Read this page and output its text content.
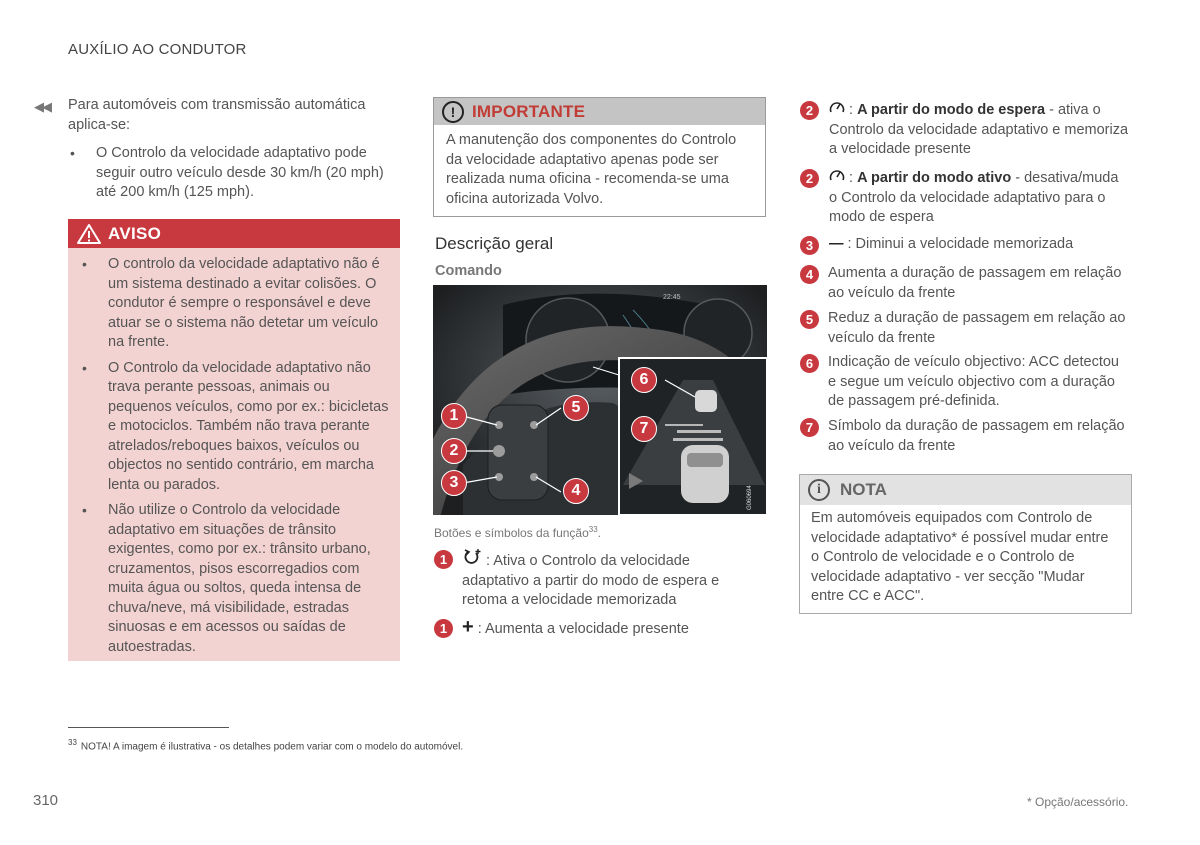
AUXÍLIO AO CONDUTOR
◀◀ Para automóveis com transmissão automática aplica-se:
• O Controlo da velocidade adaptativo pode seguir outro veículo desde 30 km/h (20 mph) até 200 km/h (125 mph).
AVISO
• O controlo da velocidade adaptativo não é um sistema destinado a evitar colisões. O condutor é sempre o responsável e deve atuar se o sistema não detetar um veículo na frente.
• O Controlo da velocidade adaptativo não trava perante pessoas, animais ou pequenos veículos, como por ex.: bicicletas e motociclos. Também não trava perante atrelados/reboques baixos, veículos ou objectos no sentido contrário, em marcha lenta ou parados.
• Não utilize o Controlo da velocidade adaptativo em situações de trânsito exigentes, como por ex.: trânsito urbano, cruzamentos, pisos escorregadios com muita água ou soltos, queda intensa de chuva/neve, má visibilidade, estradas sinuosas e em acessos ou saídas de autoestradas.
! IMPORTANTE
A manutenção dos componentes do Controlo da velocidade adaptativo apenas pode ser realizada numa oficina - recomenda-se uma oficina autorizada Volvo.
Descrição geral
Comando
76
22:45
G060694
1
2
3	4
5
6
7
Botões e símbolos da função$^{33}$.
1	: Ativa o Controlo da velocidade adaptativo a partir do modo de espera e retoma a velocidade memorizada
1 + : Aumenta a velocidade presente
2	: A partir do modo de espera - ativa o Controlo da velocidade adaptativo e memoriza a velocidade presente
2	: A partir do modo ativo - desativa/muda o Controlo da velocidade adaptativo para o modo de espera
3	— : Diminui a velocidade memorizada
4	Aumenta a duração de passagem em relação ao veículo da frente
5	Reduz a duração de passagem em relação ao veículo da frente
6	Indicação de veículo objectivo: ACC detectou e segue um veículo objectivo com a duração de passagem pré-definida.
7	Símbolo da duração de passagem em relação ao veículo da frente
i	NOTA
Em automóveis equipados com Controlo de velocidade adaptativo* é possível mudar entre o Controlo de velocidade e o Controlo de velocidade adaptativo - ver secção "Mudar entre CC e ACC".
$^{33}$ NOTA! A imagem é ilustrativa - os detalhes podem variar com o modelo do automóvel.
310	* Opção/acessório.
